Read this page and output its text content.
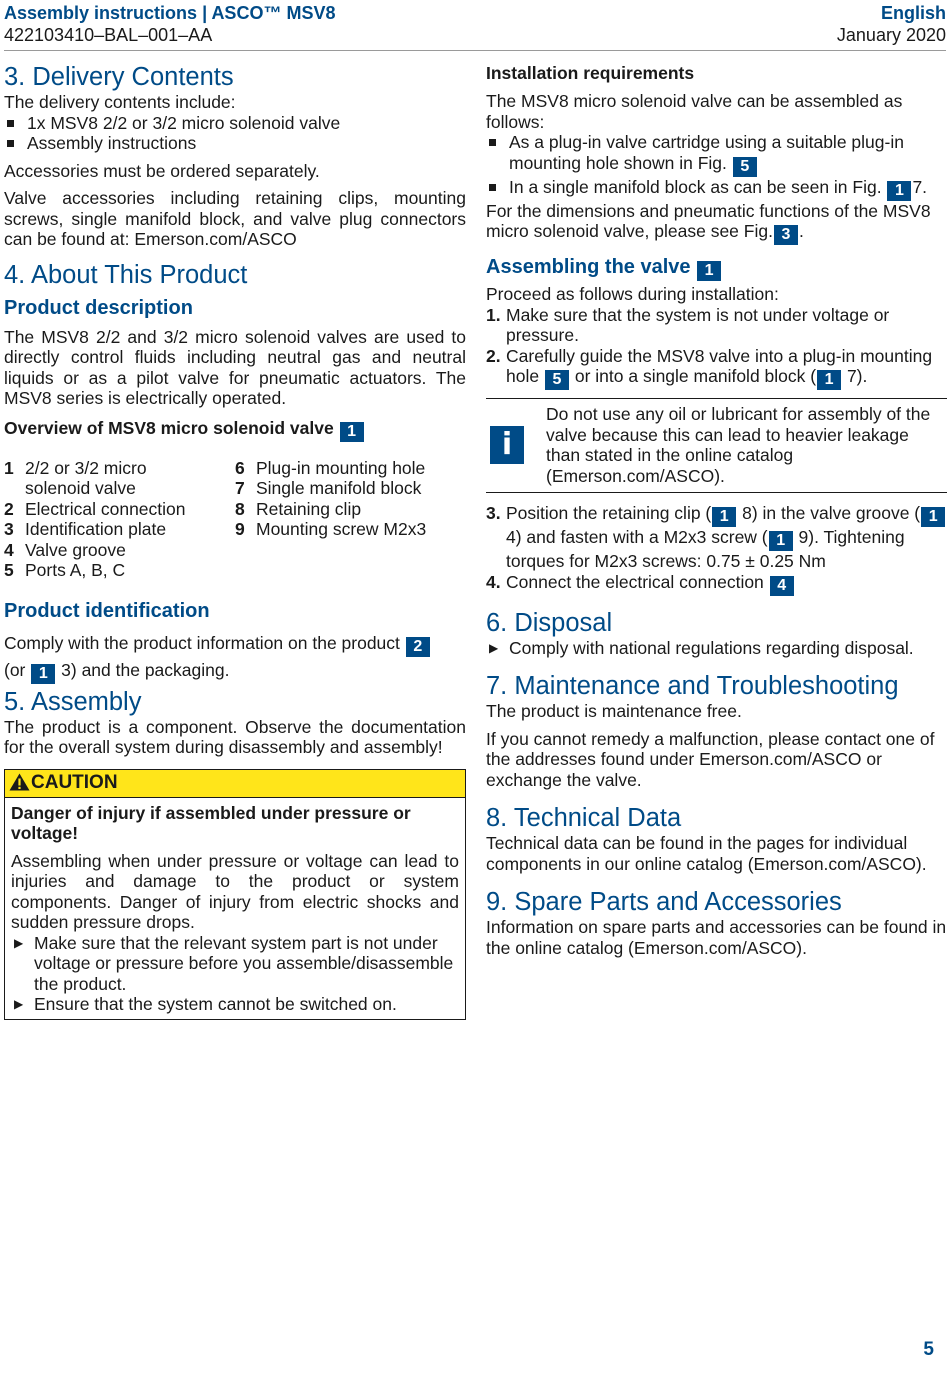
Assembly instructions | ASCO™ MSV8
422103410–BAL–001–AA
English
January 2020
3. Delivery Contents

The delivery contents include:

1x MSV8 2/2 or 3/2 micro solenoid valve
Assembly instructions

Accessories must be ordered separately.

Valve accessories including retaining clips, mounting screws, single manifold block, and valve plug connectors can be found at: Emerson.com/ASCO

4. About This Product
Product description

The MSV8 2/2 and 3/2 micro solenoid valves are used to directly control fluids including neutral gas and neutral liquids or as a pilot valve for pneumatic actuators. The MSV8 series is electrically operated.

Overview of MSV8 micro solenoid valve 1
1 2/2 or 3/2 micro solenoid valve
2 Electrical connection
3 Identification plate
4 Valve groove
5 Ports A, B, C
6 Plug-in mounting hole
7 Single manifold block
8 Retaining clip
9 Mounting screw M2x3
Product identification

Comply with the product information on the product 2
(or 1 3) and the packaging.

5. Assembly

The product is a component. Observe the documentation for the overall system during disassembly and assembly!

CAUTION

Danger of injury if assembled under pressure or voltage!

Assembling when under pressure or voltage can lead to injuries and damage to the product or system components. Danger of injury from electric shocks and sudden pressure drops.

▶ Make sure that the relevant system part is not under voltage or pressure before you assemble/disassemble the product.
▶ Ensure that the system cannot be switched on.
Installation requirements

The MSV8 micro solenoid valve can be assembled as follows:

As a plug-in valve cartridge using a suitable plug-in mounting hole shown in Fig. 5
In a single manifold block as can be seen in Fig. 1 7.

For the dimensions and pneumatic functions of the MSV8 micro solenoid valve, please see Fig. 3 .

Assembling the valve 1

Proceed as follows during installation:

1. Make sure that the system is not under voltage or pressure.
2. Carefully guide the MSV8 valve into a plug-in mounting hole 5 or into a single manifold block ( 1 7).
i
Do not use any oil or lubricant for assembly of the valve because this can lead to heavier leakage than stated in the online catalog (Emerson.com/ASCO).
3. Position the retaining clip ( 1 8) in the valve groove ( 1 4) and fasten with a M2x3 screw ( 1 9). Tightening torques for M2x3 screws: 0.75 ± 0.25 Nm
4. Connect the electrical connection 4
6. Disposal
▶ Comply with national regulations regarding disposal.
7. Maintenance and Troubleshooting

The product is maintenance free.

If you cannot remedy a malfunction, please contact one of the addresses found under Emerson.com/ASCO or exchange the valve.

8. Technical Data

Technical data can be found in the pages for individual components in our online catalog (Emerson.com/ASCO).

9. Spare Parts and Accessories

Information on spare parts and accessories can be found in the online catalog (Emerson.com/ASCO).

5
